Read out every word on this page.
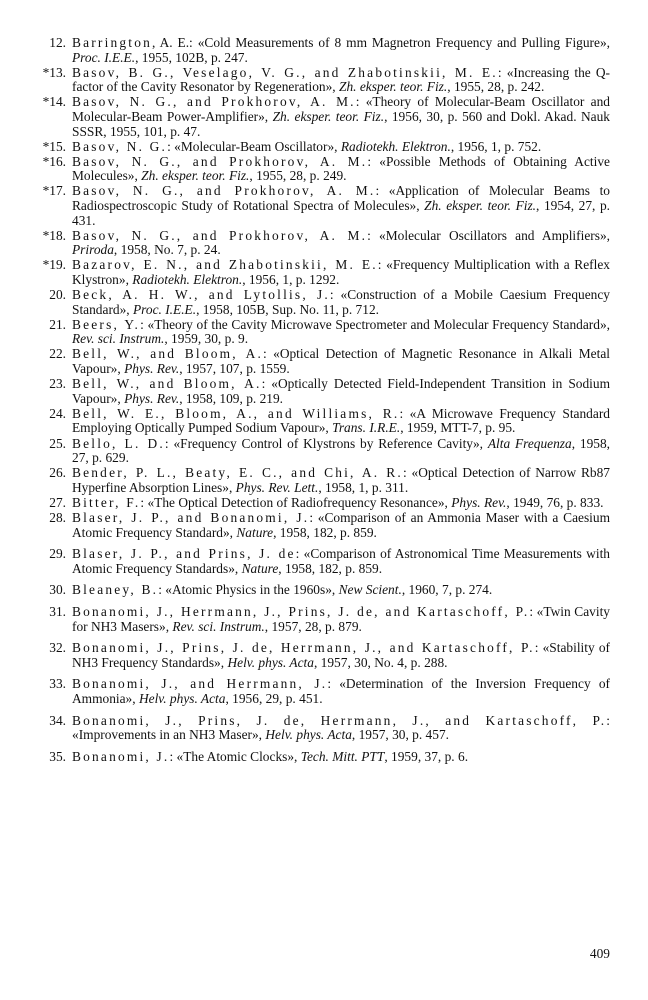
12. Barrington, A. E.: «Cold Measurements of 8 mm Magnetron Frequency and Pulling Figure», Proc. I.E.E., 1955, 102B, p. 247.
*13. Basov, B. G., Veselago, V. G., and Zhabotinskii, M. E.: «Increasing the Q-factor of the Cavity Resonator by Regeneration», Zh. eksper. teor. Fiz., 1955, 28, p. 242.
*14. Basov, N. G., and Prokhorov, A. M.: «Theory of Molecular-Beam Oscillator and Molecular-Beam Power-Amplifier», Zh. eksper. teor. Fiz., 1956, 30, p. 560 and Dokl. Akad. Nauk SSSR, 1955, 101, p. 47.
*15. Basov, N. G.: «Molecular-Beam Oscillator», Radiotekh. Elektron., 1956, 1, p. 752.
*16. Basov, N. G., and Prokhorov, A. M.: «Possible Methods of Obtaining Active Molecules», Zh. eksper. teor. Fiz., 1955, 28, p. 249.
*17. Basov, N. G., and Prokhorov, A. M.: «Application of Molecular Beams to Radiospectroscopic Study of Rotational Spectra of Molecules», Zh. eksper. teor. Fiz., 1954, 27, p. 431.
*18. Basov, N. G., and Prokhorov, A. M.: «Molecular Oscillators and Amplifiers», Priroda, 1958, No. 7, p. 24.
*19. Bazarov, E. N., and Zhabotinskii, M. E.: «Frequency Multiplication with a Reflex Klystron», Radiotekh. Elektron., 1956, 1, p. 1292.
20. Beck, A. H. W., and Lytollis, J.: «Construction of a Mobile Caesium Frequency Standard», Proc. I.E.E., 1958, 105B, Sup. No. 11, p. 712.
21. Beers, Y.: «Theory of the Cavity Microwave Spectrometer and Molecular Frequency Standard», Rev. sci. Instrum., 1959, 30, p. 9.
22. Bell, W., and Bloom, A.: «Optical Detection of Magnetic Resonance in Alkali Metal Vapour», Phys. Rev., 1957, 107, p. 1559.
23. Bell, W., and Bloom, A.: «Optically Detected Field-Independent Transition in Sodium Vapour», Phys. Rev., 1958, 109, p. 219.
24. Bell, W. E., Bloom, A., and Williams, R.: «A Microwave Frequency Standard Employing Optically Pumped Sodium Vapour», Trans. I.R.E., 1959, MTT-7, p. 95.
25. Bello, L. D.: «Frequency Control of Klystrons by Reference Cavity», Alta Frequenza, 1958, 27, p. 629.
26. Bender, P. L., Beaty, E. C., and Chi, A. R.: «Optical Detection of Narrow Rb87 Hyperfine Absorption Lines», Phys. Rev. Lett., 1958, 1, p. 311.
27. Bitter, F.: «The Optical Detection of Radiofrequency Resonance», Phys. Rev., 1949, 76, p. 833.
28. Blaser, J. P., and Bonanomi, J.: «Comparison of an Ammonia Maser with a Caesium Atomic Frequency Standard», Nature, 1958, 182, p. 859.
29. Blaser, J. P., and Prins, J. de: «Comparison of Astronomical Time Measurements with Atomic Frequency Standards», Nature, 1958, 182, p. 859.
30. Bleaney, B.: «Atomic Physics in the 1960s», New Scient., 1960, 7, p. 274.
31. Bonanomi, J., Herrmann, J., Prins, J. de, and Kartaschoff, P.: «Twin Cavity for NH3 Masers», Rev. sci. Instrum., 1957, 28, p. 879.
32. Bonanomi, J., Prins, J. de, Herrmann, J., and Kartaschoff, P.: «Stability of NH3 Frequency Standards», Helv. phys. Acta, 1957, 30, No. 4, p. 288.
33. Bonanomi, J., and Herrmann, J.: «Determination of the Inversion Frequency of Ammonia», Helv. phys. Acta, 1956, 29, p. 451.
34. Bonanomi, J., Prins, J. de, Herrmann, J., and Kartaschoff, P.: «Improvements in an NH3 Maser», Helv. phys. Acta, 1957, 30, p. 457.
35. Bonanomi, J.: «The Atomic Clocks», Tech. Mitt. PTT, 1959, 37, p. 6.
409
